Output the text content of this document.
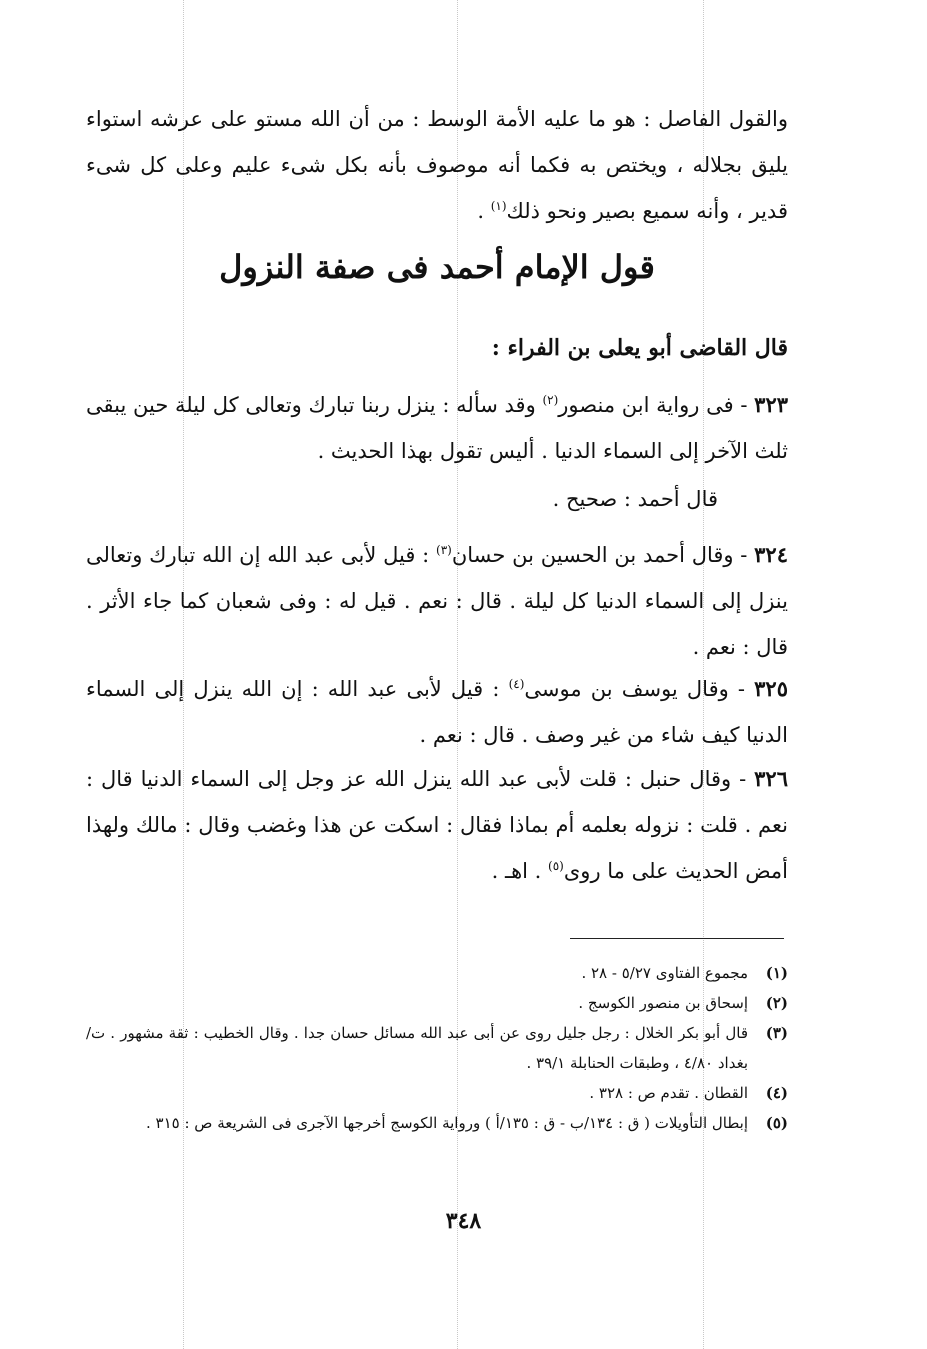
والقول الفاصل : هو ما عليه الأمة الوسط : من أن الله مستو على عرشه استواء يليق بجلاله ، ويختص به فكما أنه موصوف بأنه بكل شىء عليم وعلى كل شىء قدير ، وأنه سميع بصير ونحو ذلك$^{(١)}$ .
قول الإمام أحمد فى صفة النزول
قال القاضى أبو يعلى بن الفراء :
٣٢٣ - فى رواية ابن منصور$^{(٢)}$ وقد سأله : ينزل ربنا تبارك وتعالى كل ليلة حين يبقى ثلث الآخر إلى السماء الدنيا . أليس تقول بهذا الحديث .
قال أحمد : صحيح .
٣٢٤ - وقال أحمد بن الحسين بن حسان$^{(٣)}$ : قيل لأبى عبد الله إن الله تبارك وتعالى ينزل إلى السماء الدنيا كل ليلة . قال : نعم . قيل له : وفى شعبان كما جاء الأثر . قال : نعم .
٣٢٥ - وقال يوسف بن موسى$^{(٤)}$ : قيل لأبى عبد الله : إن الله ينزل إلى السماء الدنيا كيف شاء من غير وصف . قال : نعم .
٣٢٦ - وقال حنبل : قلت لأبى عبد الله ينزل الله عز وجل إلى السماء الدنيا قال : نعم . قلت : نزوله بعلمه أم بماذا فقال : اسكت عن هذا وغضب وقال : مالك ولهذا أمض الحديث على ما روى$^{(٥)}$ . اهـ .
(١)
مجموع الفتاوى ٥/٢٧ - ٢٨ .
(٢)
إسحاق بن منصور الكوسج .
(٣)
قال أبو بكر الخلال : رجل جليل روى عن أبى عبد الله مسائل حسان جدا . وقال الخطيب : ثقة مشهور . ت/بغداد ٤/٨٠ ، وطبقات الحنابلة ٣٩/١ .
(٤)
القطان . تقدم ص : ٣٢٨ .
(٥)
إبطال التأويلات ( ق : ١٣٤/ب - ق : ١٣٥/أ ) ورواية الكوسج أخرجها الآجرى فى الشريعة ص : ٣١٥ .
٣٤٨
